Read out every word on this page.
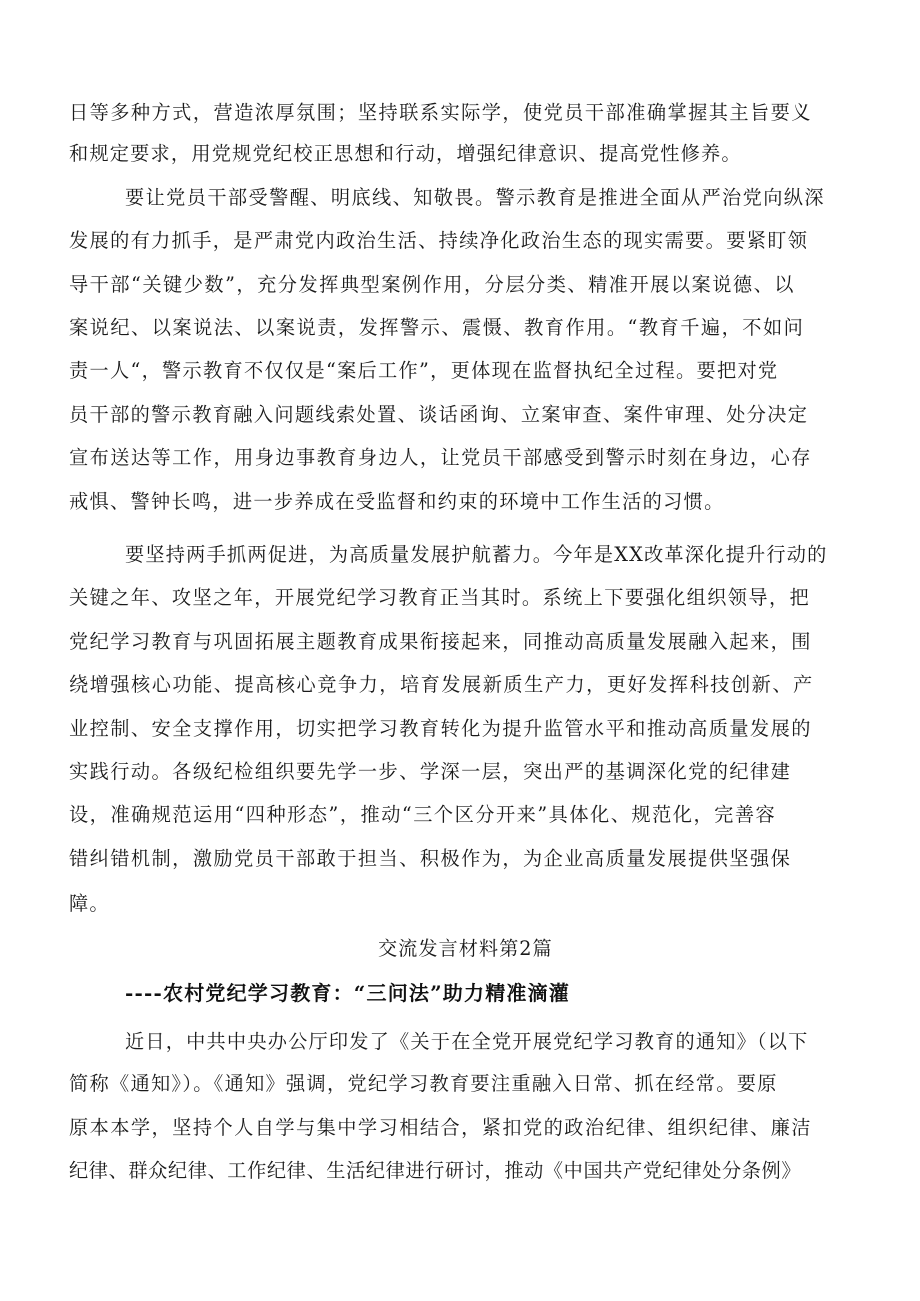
日等多种方式，营造浓厚氛围；坚持联系实际学，使党员干部准确掌握其主旨要义
和规定要求，用党规党纪校正思想和行动，增强纪律意识、提高党性修养。
要让党员干部受警醒、明底线、知敬畏。警示教育是推进全面从严治党向纵深
发展的有力抓手，是严肃党内政治生活、持续净化政治生态的现实需要。要紧盯领
导干部“关键少数”，充分发挥典型案例作用，分层分类、精准开展以案说德、以
案说纪、以案说法、以案说责，发挥警示、震慑、教育作用。“教育千遍，不如问
责一人“，警示教育不仅仅是“案后工作”，更体现在监督执纪全过程。要把对党
员干部的警示教育融入问题线索处置、谈话函询、立案审查、案件审理、处分决定
宣布送达等工作，用身边事教育身边人，让党员干部感受到警示时刻在身边，心存
戒惧、警钟长鸣，进一步养成在受监督和约束的环境中工作生活的习惯。
要坚持两手抓两促进，为高质量发展护航蓄力。今年是XX改革深化提升行动的
关键之年、攻坚之年，开展党纪学习教育正当其时。系统上下要强化组织领导，把
党纪学习教育与巩固拓展主题教育成果衔接起来，同推动高质量发展融入起来，围
绕增强核心功能、提高核心竞争力，培育发展新质生产力，更好发挥科技创新、产
业控制、安全支撑作用，切实把学习教育转化为提升监管水平和推动高质量发展的
实践行动。各级纪检组织要先学一步、学深一层，突出严的基调深化党的纪律建
设，准确规范运用“四种形态”，推动“三个区分开来”具体化、规范化，完善容
错纠错机制，激励党员干部敢于担当、积极作为，为企业高质量发展提供坚强保
障。
交流发言材料第2篇
----农村党纪学习教育：“三问法”助力精准滴灌
近日，中共中央办公厅印发了《关于在全党开展党纪学习教育的通知》（以下
简称《通知》）。《通知》强调，党纪学习教育要注重融入日常、抓在经常。要原
原本本学，坚持个人自学与集中学习相结合，紧扣党的政治纪律、组织纪律、廉洁
纪律、群众纪律、工作纪律、生活纪律进行研讨，推动《中国共产党纪律处分条例》
